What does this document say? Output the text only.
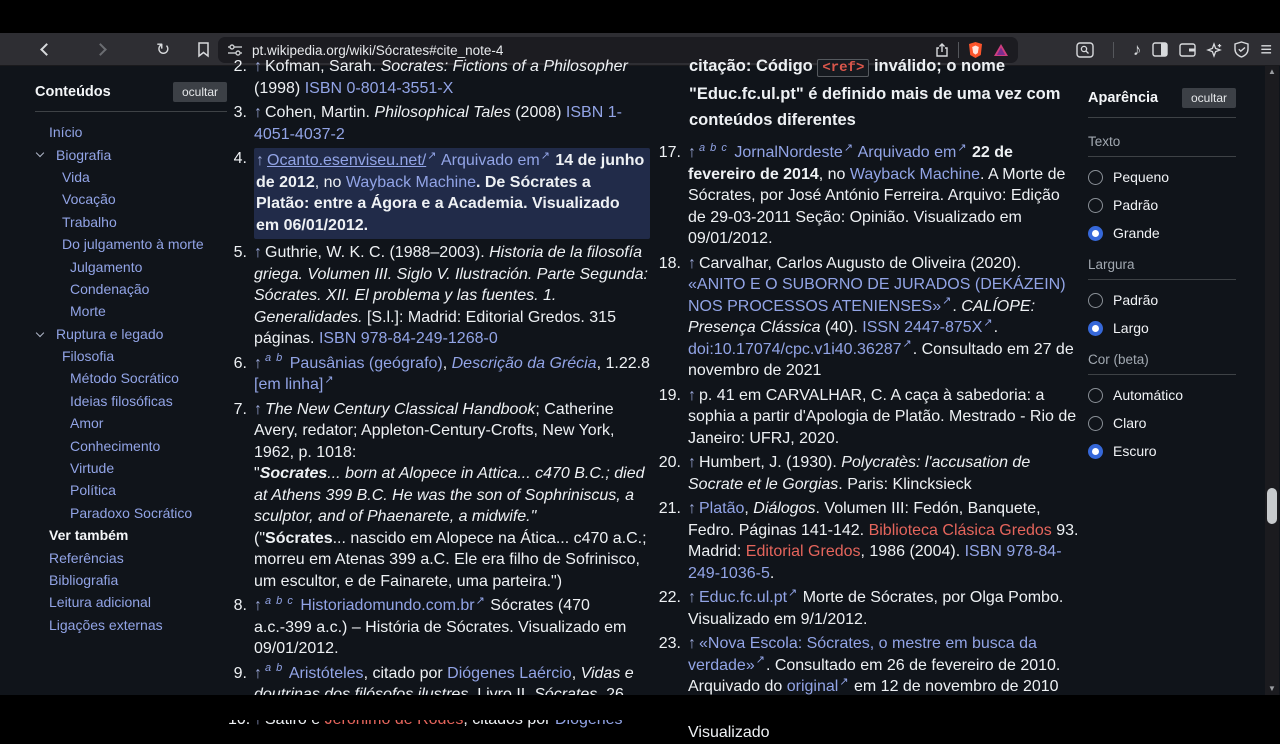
↻	pt.wikipedia.org/wiki/Sócrates#cite_note-4	♪	≡
Conteúdos	ocultar
Início
Biografia
Vida
Vocação
Trabalho
Do julgamento à morte
Julgamento
Condenação
Morte
Ruptura e legado
Filosofia
Método Socrático
Ideias filosóficas
Amor
Conhecimento
Virtude
Política
Paradoxo Socrático
Ver também
Referências
Bibliografia
Leitura adicional
Ligações externas
2. ↑ Kofman, Sarah. Socrates: Fictions of a Philosopher (1998) ISBN 0-8014-3551-X
3. ↑ Cohen, Martin. Philosophical Tales (2008) ISBN 1-4051-4037-2
4. ↑ Ocanto.esenviseu.net/↗ Arquivado em↗ 14 de junho de 2012, no Wayback Machine. De Sócrates a Platão: entre a Ágora e a Academia. Visualizado em 06/01/2012.
5. ↑ Guthrie, W. K. C. (1988–2003). Historia de la filosofía griega. Volumen III. Siglo V. Ilustración. Parte Segunda: Sócrates. XII. El problema y las fuentes. 1. Generalidades. [S.l.]: Madrid: Editorial Gredos. 315 páginas. ISBN 978-84-249-1268-0
6. ↑ $^{a b}$ Pausânias (geógrafo), Descrição da Grécia, 1.22.8 [em linha]↗
7. ↑ The New Century Classical Handbook; Catherine Avery, redator; Appleton-Century-Crofts, New York, 1962, p. 1018:
"Socrates... born at Alopece in Attica... c470 B.C.; died at Athens 399 B.C. He was the son of Sophriniscus, a sculptor, and of Phaenarete, a midwife."
("Sócrates... nascido em Alopece na Ática... c470 a.C.; morreu em Atenas 399 a.C. Ele era filho de Sofrinisco, um escultor, e de Fainarete, uma parteira.")
8. ↑ $^{a b c}$ Historiadomundo.com.br↗ Sócrates (470 a.c.-399 a.c.) – História de Sócrates. Visualizado em 09/01/2012.
9. ↑ $^{a b}$ Aristóteles, citado por Diógenes Laércio, Vidas e
citação: Código <ref> inválido; o nome "Educ.fc.ul.pt" é definido mais de uma vez com conteúdos diferentes
17. ↑ $^{a b c}$ JornalNordeste↗ Arquivado em↗ 22 de fevereiro de 2014, no Wayback Machine. A Morte de Sócrates, por José António Ferreira. Arquivo: Edição de 29-03-2011 Seção: Opinião. Visualizado em 09/01/2012.
18. ↑ Carvalhar, Carlos Augusto de Oliveira (2020). «ANITO E O SUBORNO DE JURADOS (DEKÁZEIN) NOS PROCESSOS ATENIENSES»↗. CALÍOPE: Presença Clássica (40). ISSN 2447-875X↗. doi:10.17074/cpc.v1i40.36287↗. Consultado em 27 de novembro de 2021
19. ↑ p. 41 em CARVALHAR, C. A caça à sabedoria: a sophia a partir d'Apologia de Platão. Mestrado - Rio de Janeiro: UFRJ, 2020.
20. ↑ Humbert, J. (1930). Polycratès: l'accusation de Socrate et le Gorgias. Paris: Klincksieck
21. ↑ Platão, Diálogos. Volumen III: Fedón, Banquete, Fedro. Páginas 141-142. Biblioteca Clásica Gredos 93. Madrid: Editorial Gredos, 1986 (2004). ISBN 978-84-249-1036-5.
22. ↑ Educ.fc.ul.pt↗ Morte de Sócrates, por Olga Pombo. Visualizado em 9/1/2012.
23. ↑ «Nova Escola: Sócrates, o mestre em busca da verdade»↗. Consultado em 26 de fevereiro de 2010. Arquivado do original↗ em 12 de novembro de 2010
Visualizado
Aparência	ocultar
Texto
Pequeno
Padrão
Grande
Largura
Padrão
Largo
Cor (beta)
Automático
Claro
Escuro
▲
▼
